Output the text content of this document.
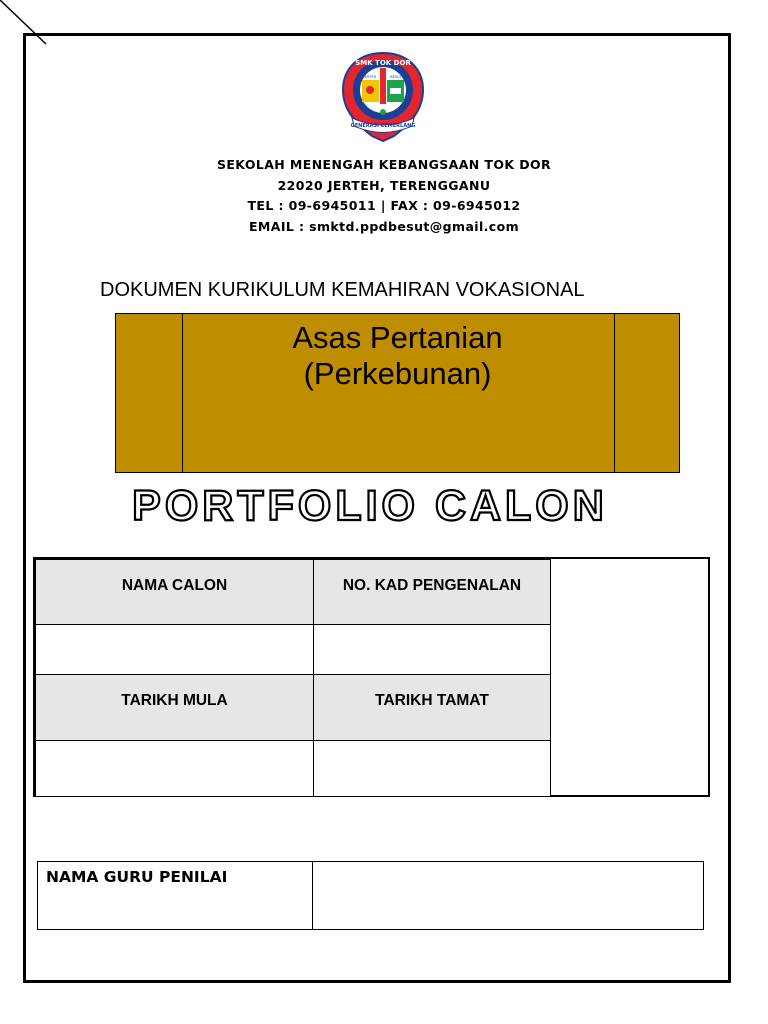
SMK TOK DOR
JERTEH	BESUT
GENERASI CEMERLANG
SEKOLAH MENENGAH KEBANGSAAN TOK DOR
22020 JERTEH, TERENGGANU
TEL : 09-6945011 | FAX : 09-6945012
EMAIL : smktd.ppdbesut@gmail.com
DOKUMEN KURIKULUM KEMAHIRAN VOKASIONAL
Asas Pertanian
(Perkebunan)
PORTFOLIO CALON
NAMA CALON	NO. KAD PENGENALAN
TARIKH MULA	TARIKH TAMAT
NAMA GURU PENILAI
